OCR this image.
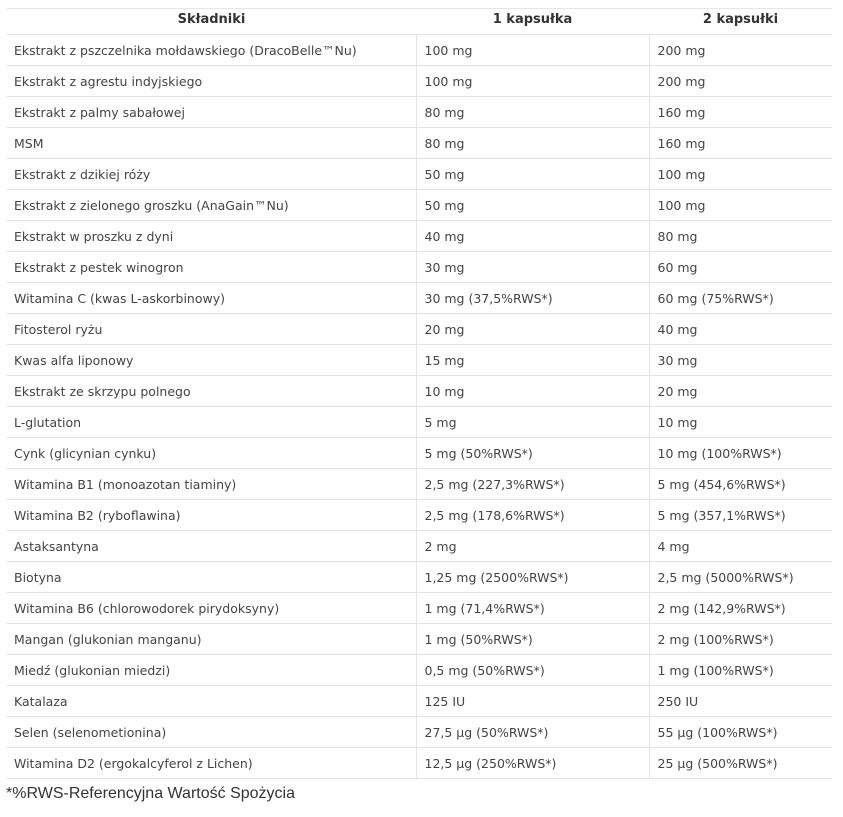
Składniki	1 kapsułka	2 kapsułki
Ekstrakt z pszczelnika mołdawskiego (DracoBelle™Nu)	100 mg	200 mg
Ekstrakt z agrestu indyjskiego	100 mg	200 mg
Ekstrakt z palmy sabałowej	80 mg	160 mg
MSM	80 mg	160 mg
Ekstrakt z dzikiej róży	50 mg	100 mg
Ekstrakt z zielonego groszku (AnaGain™Nu)	50 mg	100 mg
Ekstrakt w proszku z dyni	40 mg	80 mg
Ekstrakt z pestek winogron	30 mg	60 mg
Witamina C (kwas L-askorbinowy)	30 mg (37,5%RWS*)	60 mg (75%RWS*)
Fitosterol ryżu	20 mg	40 mg
Kwas alfa liponowy	15 mg	30 mg
Ekstrakt ze skrzypu polnego	10 mg	20 mg
L-glutation	5 mg	10 mg
Cynk (glicynian cynku)	5 mg (50%RWS*)	10 mg (100%RWS*)
Witamina B1 (monoazotan tiaminy)	2,5 mg (227,3%RWS*)	5 mg (454,6%RWS*)
Witamina B2 (ryboflawina)	2,5 mg (178,6%RWS*)	5 mg (357,1%RWS*)
Astaksantyna	2 mg	4 mg
Biotyna	1,25 mg (2500%RWS*)	2,5 mg (5000%RWS*)
Witamina B6 (chlorowodorek pirydoksyny)	1 mg (71,4%RWS*)	2 mg (142,9%RWS*)
Mangan (glukonian manganu)	1 mg (50%RWS*)	2 mg (100%RWS*)
Miedź (glukonian miedzi)	0,5 mg (50%RWS*)	1 mg (100%RWS*)
Katalaza	125 IU	250 IU
Selen (selenometionina)	27,5 µg (50%RWS*)	55 µg (100%RWS*)
Witamina D2 (ergokalcyferol z Lichen)	12,5 µg (250%RWS*)	25 µg (500%RWS*)
*%RWS-Referencyjna Wartość Spożycia
